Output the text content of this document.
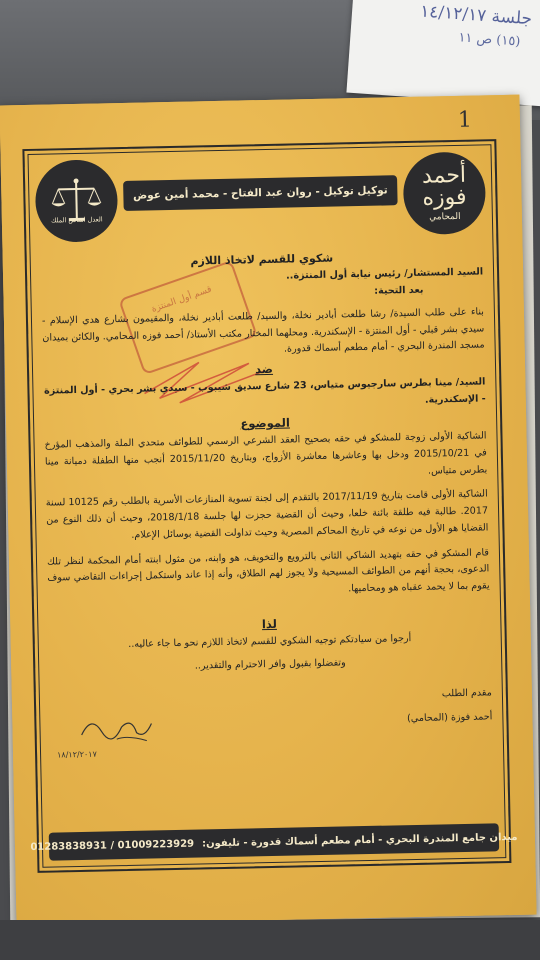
جلسة ١٤/١٢/١٧
(١٥) ص ١١
1
العدل اساس الملك
توكيل توكيل - روان عبد الفتاح - محمد أمين عوض
أحمد فوزه
المحامي
قسم أول المنتزة

شكوي للقسم لاتخاذ اللازم

السيد المستشار/ رئيس نيابة أول المنتزة..

بعد التحية:

بناء على طلب السيدة/ رشا طلعت أبادير نخلة، والسيد/ طلعت أبادير نخلة، والمقيمون بشارع هدي الإسلام - سيدي بشر قبلي - أول المنتزة - الإسكندرية. ومحلهما المختار مكتب الأستاذ/ أحمد فوزه المحامي. والكائن بميدان مسجد المندرة البحري - أمام مطعم أسماك قدورة.

ضد

السيد/ مينا بطرس سارجيوس متياس، 23 شارع سديق شيبوب - سيدي بشر بحري - أول المنتزة - الإسكندرية.

الموضوع

الشاكية الأولى زوجة للمشكو في حقه بصحيح العقد الشرعي الرسمي للطوائف متحدي الملة والمذهب المؤرخ في 2015/10/21 ودخل بها وعاشرها معاشرة الأزواج، وبتاريخ 2015/11/20 أنجب منها الطفلة دميانة مينا بطرس متياس.

الشاكية الأولى قامت بتاريخ 2017/11/19 بالتقدم إلى لجنة تسوية المنازعات الأسرية بالطلب رقم 10125 لسنة 2017. طالبة فيه طلقة بائنة خلعا، وحيث أن القضية حجزت لها جلسة 2018/1/18، وحيث أن ذلك النوع من القضايا هو الأول من نوعه في تاريخ المحاكم المصرية وحيث تداولت القضية بوسائل الإعلام.

قام المشكو في حقه بتهديد الشاكي الثاني بالترويع والتخويف، هو وابنه، من مثول ابنته أمام المحكمة لنظر تلك الدعوى، بحجة أنهم من الطوائف المسيحية ولا يجوز لهم الطلاق، وأنه إذا عاند واستكمل إجراءات التقاضي سوف يقوم بما لا يحمد عقباه هو ومحاميها.

لذا

أرجوا من سيادتكم توجيه الشكوي للقسم لاتخاذ اللازم نحو ما جاء عاليه..

وتفضلوا بقبول وافر الاحترام والتقدير..

مقدم الطلب

أحمد فوزة (المحامي)

١٨/١٢/٢٠١٧
ميدان جامع المندرة البحري - أمام مطعم أسماك قدورة - تليفون:
01283838931 / 01009223929
